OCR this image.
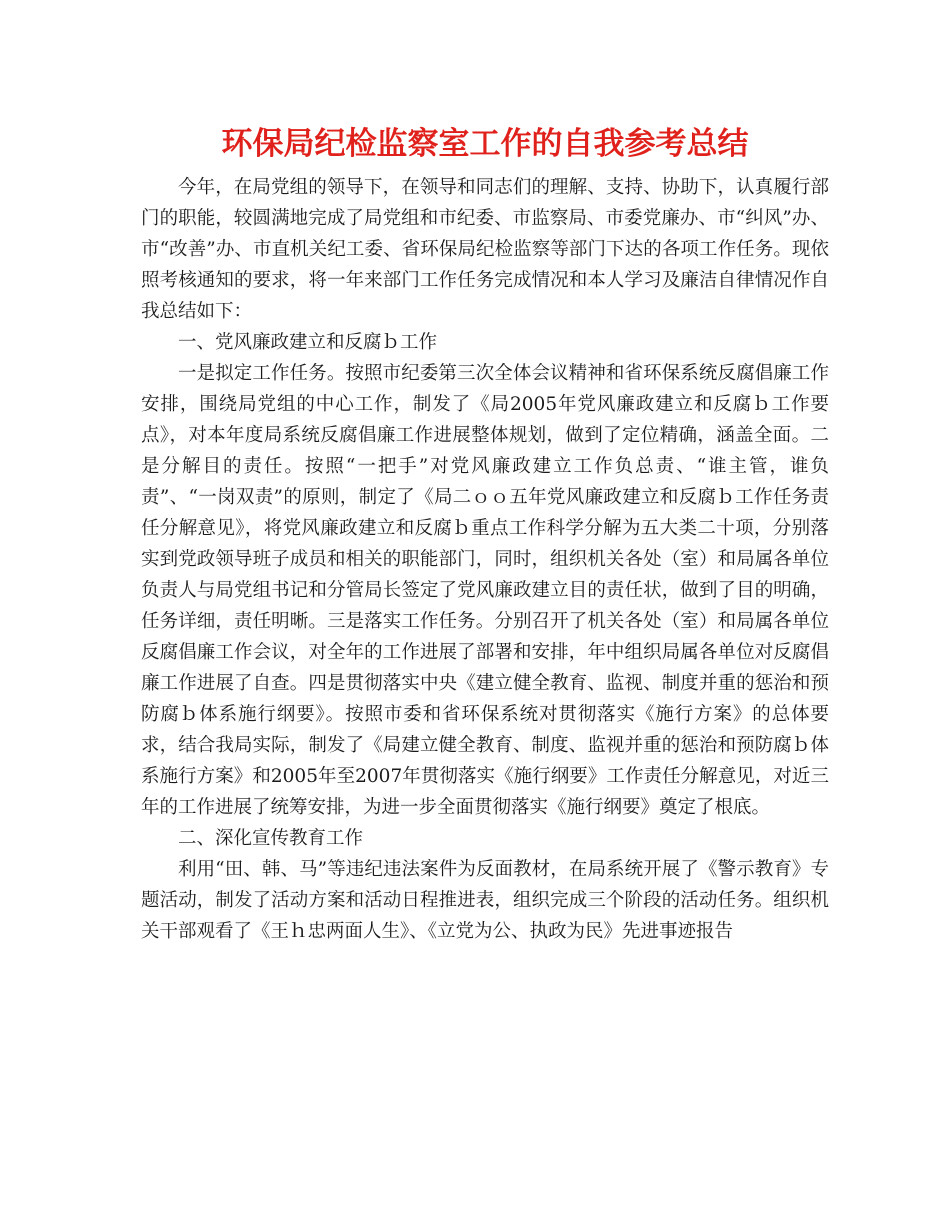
环保局纪检监察室工作的自我参考总结

今年，在局党组的领导下，在领导和同志们的理解、支持、协助下，认真履行部门的职能，较圆满地完成了局党组和市纪委、市监察局、市委党廉办、市“纠风”办、市“改善”办、市直机关纪工委、省环保局纪检监察等部门下达的各项工作任务。现依照考核通知的要求，将一年来部门工作任务完成情况和本人学习及廉洁自律情况作自我总结如下：

一、党风廉政建立和反腐ｂ工作

一是拟定工作任务。按照市纪委第三次全体会议精神和省环保系统反腐倡廉工作安排，围绕局党组的中心工作，制发了《局2005年党风廉政建立和反腐ｂ工作要点》，对本年度局系统反腐倡廉工作进展整体规划，做到了定位精确，涵盖全面。二是分解目的责任。按照“一把手”对党风廉政建立工作负总责、“谁主管，谁负责”、“一岗双责”的原则，制定了《局二ｏｏ五年党风廉政建立和反腐ｂ工作任务责任分解意见》，将党风廉政建立和反腐ｂ重点工作科学分解为五大类二十项，分别落实到党政领导班子成员和相关的职能部门，同时，组织机关各处（室）和局属各单位负责人与局党组书记和分管局长签定了党风廉政建立目的责任状，做到了目的明确，任务详细，责任明晰。三是落实工作任务。分别召开了机关各处（室）和局属各单位反腐倡廉工作会议，对全年的工作进展了部署和安排，年中组织局属各单位对反腐倡廉工作进展了自查。四是贯彻落实中央《建立健全教育、监视、制度并重的惩治和预防腐ｂ体系施行纲要》。按照市委和省环保系统对贯彻落实《施行方案》的总体要求，结合我局实际，制发了《局建立健全教育、制度、监视并重的惩治和预防腐ｂ体系施行方案》和2005年至2007年贯彻落实《施行纲要》工作责任分解意见，对近三年的工作进展了统筹安排，为进一步全面贯彻落实《施行纲要》奠定了根底。

二、深化宣传教育工作

利用“田、韩、马”等违纪违法案件为反面教材，在局系统开展了《警示教育》专题活动，制发了活动方案和活动日程推进表，组织完成三个阶段的活动任务。组织机关干部观看了《王ｈ忠两面人生》、《立党为公、执政为民》先进事迹报告
